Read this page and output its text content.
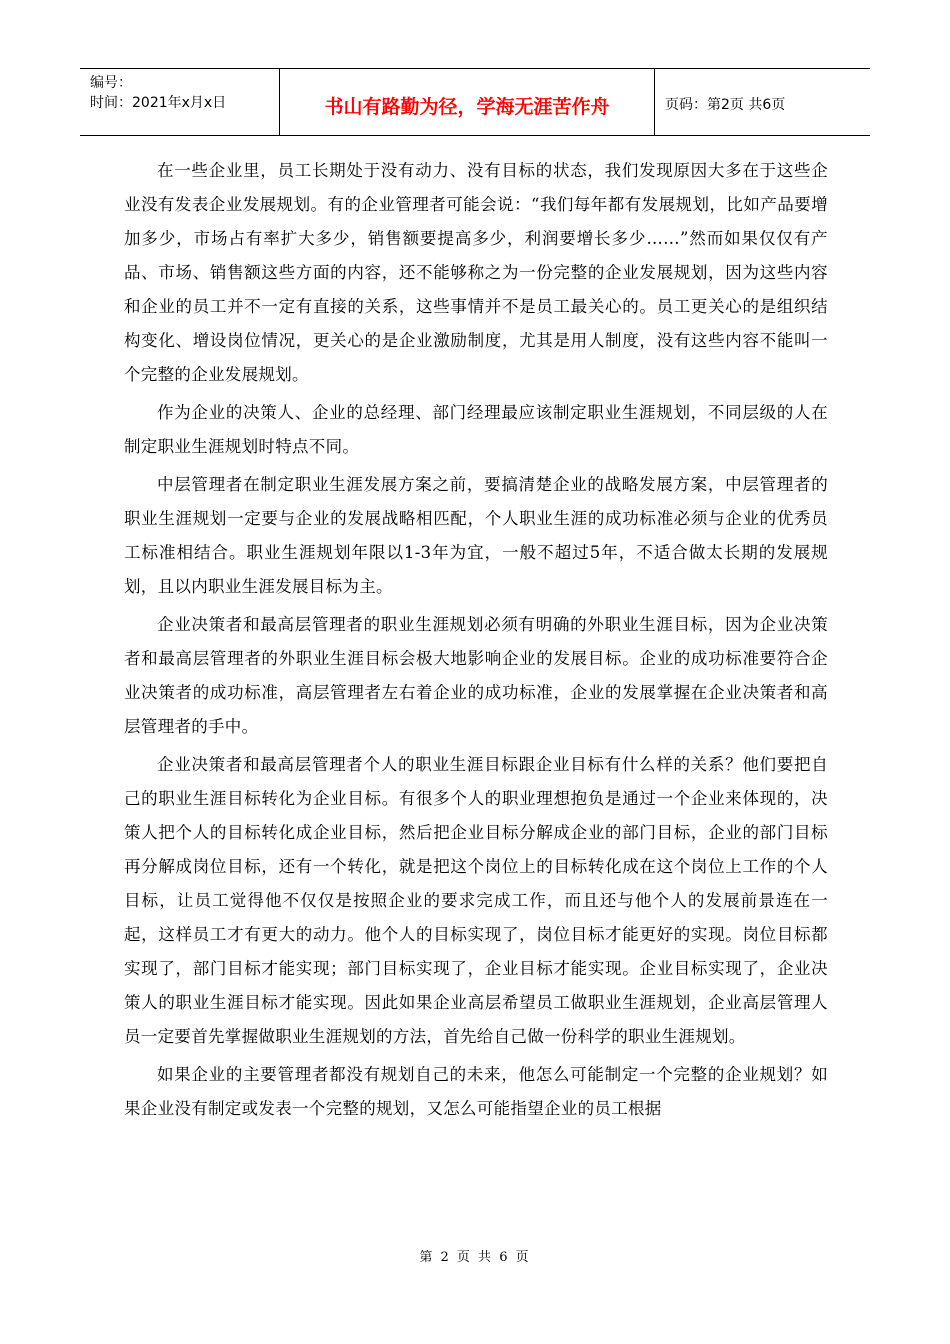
编号：
时间：2021年x月x日	书山有路勤为径，学海无涯苦作舟	页码：第2页 共6页

在一些企业里，员工长期处于没有动力、没有目标的状态，我们发现原因大多在于这些企业没有发表企业发展规划。有的企业管理者可能会说：“我们每年都有发展规划，比如产品要增加多少，市场占有率扩大多少，销售额要提高多少，利润要增长多少……”然而如果仅仅有产品、市场、销售额这些方面的内容，还不能够称之为一份完整的企业发展规划，因为这些内容和企业的员工并不一定有直接的关系，这些事情并不是员工最关心的。员工更关心的是组织结构变化、增设岗位情况，更关心的是企业激励制度，尤其是用人制度，没有这些内容不能叫一个完整的企业发展规划。

作为企业的决策人、企业的总经理、部门经理最应该制定职业生涯规划，不同层级的人在制定职业生涯规划时特点不同。

中层管理者在制定职业生涯发展方案之前，要搞清楚企业的战略发展方案，中层管理者的职业生涯规划一定要与企业的发展战略相匹配，个人职业生涯的成功标准必须与企业的优秀员工标准相结合。职业生涯规划年限以1-3年为宜，一般不超过5年，不适合做太长期的发展规划，且以内职业生涯发展目标为主。

企业决策者和最高层管理者的职业生涯规划必须有明确的外职业生涯目标，因为企业决策者和最高层管理者的外职业生涯目标会极大地影响企业的发展目标。企业的成功标准要符合企业决策者的成功标准，高层管理者左右着企业的成功标准，企业的发展掌握在企业决策者和高层管理者的手中。

企业决策者和最高层管理者个人的职业生涯目标跟企业目标有什么样的关系？他们要把自己的职业生涯目标转化为企业目标。有很多个人的职业理想抱负是通过一个企业来体现的，决策人把个人的目标转化成企业目标，然后把企业目标分解成企业的部门目标，企业的部门目标再分解成岗位目标，还有一个转化，就是把这个岗位上的目标转化成在这个岗位上工作的个人目标，让员工觉得他不仅仅是按照企业的要求完成工作，而且还与他个人的发展前景连在一起，这样员工才有更大的动力。他个人的目标实现了，岗位目标才能更好的实现。岗位目标都实现了，部门目标才能实现；部门目标实现了，企业目标才能实现。企业目标实现了，企业决策人的职业生涯目标才能实现。因此如果企业高层希望员工做职业生涯规划，企业高层管理人员一定要首先掌握做职业生涯规划的方法，首先给自己做一份科学的职业生涯规划。

如果企业的主要管理者都没有规划自己的未来，他怎么可能制定一个完整的企业规划？如果企业没有制定或发表一个完整的规划，又怎么可能指望企业的员工根据

第 2 页 共 6 页
